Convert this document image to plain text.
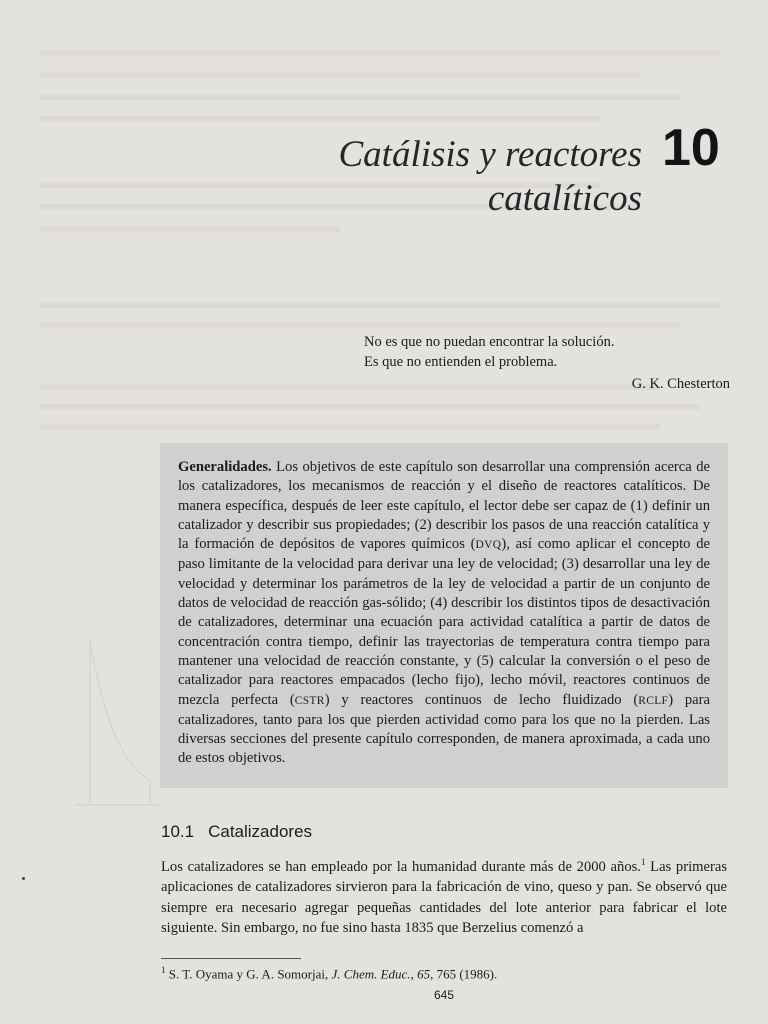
Catálisis y reactores
catalíticos
10
No es que no puedan encontrar la solución.
Es que no entienden el problema.
G. K. Chesterton

Generalidades. Los objetivos de este capítulo son desarrollar una comprensión acerca de los catalizadores, los mecanismos de reacción y el diseño de reactores catalíticos. De manera específica, después de leer este capítulo, el lector debe ser capaz de (1) definir un catalizador y describir sus propiedades; (2) describir los pasos de una reacción catalítica y la formación de depósitos de vapores químicos (DVQ), así como aplicar el concepto de paso limitante de la velocidad para derivar una ley de velocidad; (3) desarrollar una ley de velocidad y determinar los parámetros de la ley de velocidad a partir de un conjunto de datos de velocidad de reacción gas-sólido; (4) describir los distintos tipos de desactivación de catalizadores, determinar una ecuación para actividad catalítica a partir de datos de concentración contra tiempo, definir las trayectorias de temperatura contra tiempo para mantener una velocidad de reacción constante, y (5) calcular la conversión o el peso de catalizador para reactores empacados (lecho fijo), lecho móvil, reactores continuos de mezcla perfecta (CSTR) y reactores continuos de lecho fluidizado (RCLF) para catalizadores, tanto para los que pierden actividad como para los que no la pierden. Las diversas secciones del presente capítulo corresponden, de manera aproximada, a cada uno de estos objetivos.

10.1 Catalizadores

Los catalizadores se han empleado por la humanidad durante más de 2000 años.$^1$ Las primeras aplicaciones de catalizadores sirvieron para la fabricación de vino, queso y pan. Se observó que siempre era necesario agregar pequeñas cantidades del lote anterior para fabricar el lote siguiente. Sin embargo, no fue sino hasta 1835 que Berzelius comenzó a

$^1$ S. T. Oyama y G. A. Somorjai, J. Chem. Educ., 65, 765 (1986).
645
